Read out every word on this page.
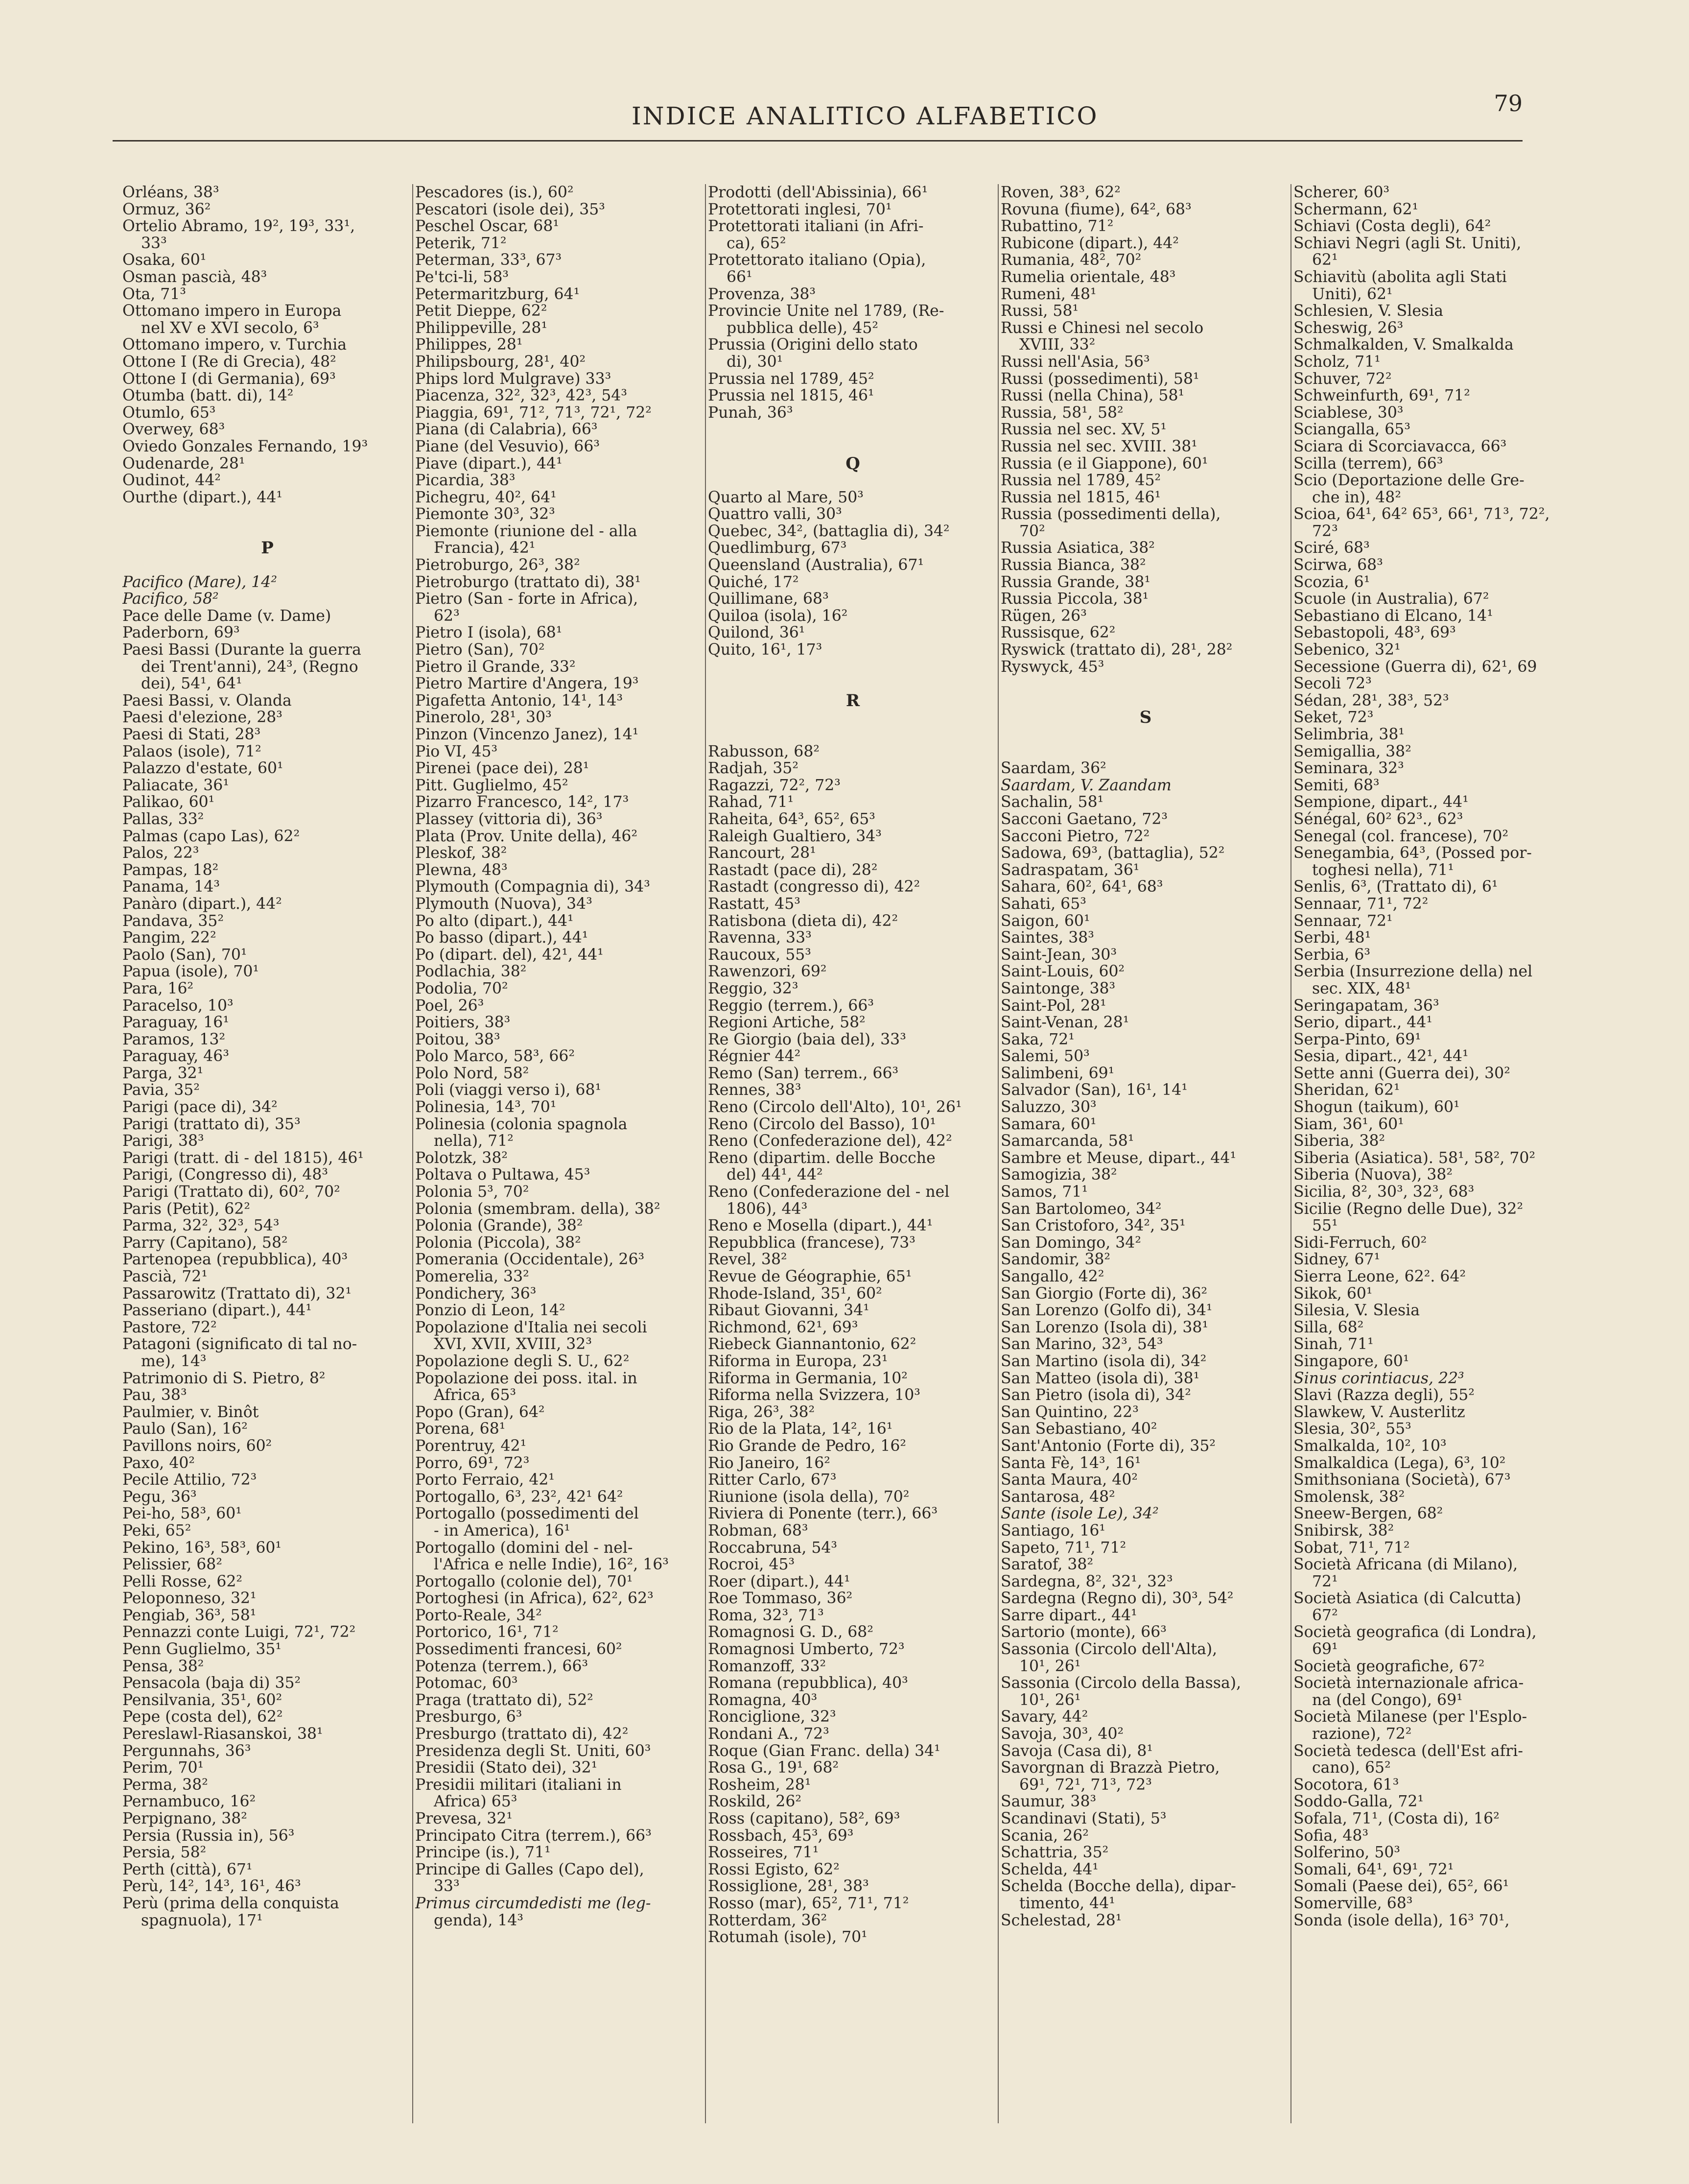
INDICE ANALITICO ALFABETICO	79
Orléans, 38³
Ormuz, 36²
Ortelio Abramo, 19², 19³, 33¹,
33³
Osaka, 60¹
Osman pascià, 48³
Ota, 71³
Ottomano impero in Europa
nel XV e XVI secolo, 6³
Ottomano impero, v. Turchia
Ottone I (Re di Grecia), 48²
Ottone I (di Germania), 69³
Otumba (batt. di), 14²
Otumlo, 65³
Overwey, 68³
Oviedo Gonzales Fernando, 19³
Oudenarde, 28¹
Oudinot, 44²
Ourthe (dipart.), 44¹
P
Pacifico (Mare), 14²
Pacifico, 58²
Pace delle Dame (v. Dame)
Paderborn, 69³
Paesi Bassi (Durante la guerra
dei Trent'anni), 24³, (Regno
dei), 54¹, 64¹
Paesi Bassi, v. Olanda
Paesi d'elezione, 28³
Paesi di Stati, 28³
Palaos (isole), 71²
Palazzo d'estate, 60¹
Paliacate, 36¹
Palikao, 60¹
Pallas, 33²
Palmas (capo Las), 62²
Palos, 22³
Pampas, 18²
Panama, 14³
Panàro (dipart.), 44²
Pandava, 35²
Pangim, 22²
Paolo (San), 70¹
Papua (isole), 70¹
Para, 16²
Paracelso, 10³
Paraguay, 16¹
Paramos, 13²
Paraguay, 46³
Parga, 32¹
Pavia, 35²
Parigi (pace di), 34²
Parigi (trattato di), 35³
Parigi, 38³
Parigi (tratt. di - del 1815), 46¹
Parigi, (Congresso di), 48³
Parigi (Trattato di), 60², 70²
Paris (Petit), 62²
Parma, 32², 32³, 54³
Parry (Capitano), 58²
Partenopea (repubblica), 40³
Pascià, 72¹
Passarowitz (Trattato di), 32¹
Passeriano (dipart.), 44¹
Pastore, 72²
Patagoni (significato di tal no-
me), 14³
Patrimonio di S. Pietro, 8²
Pau, 38³
Paulmier, v. Binôt
Paulo (San), 16²
Pavillons noirs, 60²
Paxo, 40²
Pecile Attilio, 72³
Pegu, 36³
Pei-ho, 58³, 60¹
Peki, 65²
Pekino, 16³, 58³, 60¹
Pelissier, 68²
Pelli Rosse, 62²
Peloponneso, 32¹
Pengiab, 36³, 58¹
Pennazzi conte Luigi, 72¹, 72²
Penn Guglielmo, 35¹
Pensa, 38²
Pensacola (baja di) 35²
Pensilvania, 35¹, 60²
Pepe (costa del), 62²
Pereslawl-Riasanskoi, 38¹
Pergunnahs, 36³
Perim, 70¹
Perma, 38²
Pernambuco, 16²
Perpignano, 38²
Persia (Russia in), 56³
Persia, 58²
Perth (città), 67¹
Perù, 14², 14³, 16¹, 46³
Perù (prima della conquista
spagnuola), 17¹
Pescadores (is.), 60²
Pescatori (isole dei), 35³
Peschel Oscar, 68¹
Peterik, 71²
Peterman, 33³, 67³
Pe'tci-li, 58³
Petermaritzburg, 64¹
Petit Dieppe, 62²
Philippeville, 28¹
Philippes, 28¹
Philipsbourg, 28¹, 40²
Phips lord Mulgrave) 33³
Piacenza, 32², 32³, 42³, 54³
Piaggia, 69¹, 71², 71³, 72¹, 72²
Piana (di Calabria), 66³
Piane (del Vesuvio), 66³
Piave (dipart.), 44¹
Picardia, 38³
Pichegru, 40², 64¹
Piemonte 30³, 32³
Piemonte (riunione del - alla
Francia), 42¹
Pietroburgo, 26³, 38²
Pietroburgo (trattato di), 38¹
Pietro (San - forte in Africa),
62³
Pietro I (isola), 68¹
Pietro (San), 70²
Pietro il Grande, 33²
Pietro Martire d'Angera, 19³
Pigafetta Antonio, 14¹, 14³
Pinerolo, 28¹, 30³
Pinzon (Vincenzo Janez), 14¹
Pio VI, 45³
Pirenei (pace dei), 28¹
Pitt. Guglielmo, 45²
Pizarro Francesco, 14², 17³
Plassey (vittoria di), 36³
Plata (Prov. Unite della), 46²
Pleskof, 38²
Plewna, 48³
Plymouth (Compagnia di), 34³
Plymouth (Nuova), 34³
Po alto (dipart.), 44¹
Po basso (dipart.), 44¹
Po (dipart. del), 42¹, 44¹
Podlachia, 38²
Podolia, 70²
Poel, 26³
Poitiers, 38³
Poitou, 38³
Polo Marco, 58³, 66²
Polo Nord, 58²
Poli (viaggi verso i), 68¹
Polinesia, 14³, 70¹
Polinesia (colonia spagnola
nella), 71²
Polotzk, 38²
Poltava o Pultawa, 45³
Polonia 5³, 70²
Polonia (smembram. della), 38²
Polonia (Grande), 38²
Polonia (Piccola), 38²
Pomerania (Occidentale), 26³
Pomerelia, 33²
Pondichery, 36³
Ponzio di Leon, 14²
Popolazione d'Italia nei secoli
XVI, XVII, XVIII, 32³
Popolazione degli S. U., 62²
Popolazione dei poss. ital. in
Africa, 65³
Popo (Gran), 64²
Porena, 68¹
Porentruy, 42¹
Porro, 69¹, 72³
Porto Ferraio, 42¹
Portogallo, 6³, 23², 42¹ 64²
Portogallo (possedimenti del
- in America), 16¹
Portogallo (domini del - nel-
l'Africa e nelle Indie), 16², 16³
Portogallo (colonie del), 70¹
Portoghesi (in Africa), 62², 62³
Porto-Reale, 34²
Portorico, 16¹, 71²
Possedimenti francesi, 60²
Potenza (terrem.), 66³
Potomac, 60³
Praga (trattato di), 52²
Presburgo, 6³
Presburgo (trattato di), 42²
Presidenza degli St. Uniti, 60³
Presidii (Stato dei), 32¹
Presidii militari (italiani in
Africa) 65³
Prevesa, 32¹
Principato Citra (terrem.), 66³
Principe (is.), 71¹
Principe di Galles (Capo del),
33³
Primus circumdedisti me (leg-
genda), 14³
Prodotti (dell'Abissinia), 66¹
Protettorati inglesi, 70¹
Protettorati italiani (in Afri-
ca), 65²
Protettorato italiano (Opia),
66¹
Provenza, 38³
Provincie Unite nel 1789, (Re-
pubblica delle), 45²
Prussia (Origini dello stato
di), 30¹
Prussia nel 1789, 45²
Prussia nel 1815, 46¹
Punah, 36³
Q
Quarto al Mare, 50³
Quattro valli, 30³
Quebec, 34², (battaglia di), 34²
Quedlimburg, 67³
Queensland (Australia), 67¹
Quiché, 17²
Quillimane, 68³
Quiloa (isola), 16²
Quilond, 36¹
Quito, 16¹, 17³
R
Rabusson, 68²
Radjah, 35²
Ragazzi, 72², 72³
Rahad, 71¹
Raheita, 64³, 65², 65³
Raleigh Gualtiero, 34³
Rancourt, 28¹
Rastadt (pace di), 28²
Rastadt (congresso di), 42²
Rastatt, 45³
Ratisbona (dieta di), 42²
Ravenna, 33³
Raucoux, 55³
Rawenzori, 69²
Reggio, 32³
Reggio (terrem.), 66³
Regioni Artiche, 58²
Re Giorgio (baia del), 33³
Régnier 44²
Remo (San) terrem., 66³
Rennes, 38³
Reno (Circolo dell'Alto), 10¹, 26¹
Reno (Circolo del Basso), 10¹
Reno (Confederazione del), 42²
Reno (dipartim. delle Bocche
del) 44¹, 44²
Reno (Confederazione del - nel
1806), 44³
Reno e Mosella (dipart.), 44¹
Repubblica (francese), 73³
Revel, 38²
Revue de Géographie, 65¹
Rhode-Island, 35¹, 60²
Ribaut Giovanni, 34¹
Richmond, 62¹, 69³
Riebeck Giannantonio, 62²
Riforma in Europa, 23¹
Riforma in Germania, 10²
Riforma nella Svizzera, 10³
Riga, 26³, 38²
Rio de la Plata, 14², 16¹
Rio Grande de Pedro, 16²
Rio Janeiro, 16²
Ritter Carlo, 67³
Riunione (isola della), 70²
Riviera di Ponente (terr.), 66³
Robman, 68³
Roccabruna, 54³
Rocroi, 45³
Roer (dipart.), 44¹
Roe Tommaso, 36²
Roma, 32³, 71³
Romagnosi G. D., 68²
Romagnosi Umberto, 72³
Romanzoff, 33²
Romana (repubblica), 40³
Romagna, 40³
Ronciglione, 32³
Rondani A., 72³
Roque (Gian Franc. della) 34¹
Rosa G., 19¹, 68²
Rosheim, 28¹
Roskild, 26²
Ross (capitano), 58², 69³
Rossbach, 45³, 69³
Rosseires, 71¹
Rossi Egisto, 62²
Rossiglione, 28¹, 38³
Rosso (mar), 65², 71¹, 71²
Rotterdam, 36²
Rotumah (isole), 70¹
Roven, 38³, 62²
Rovuna (fiume), 64², 68³
Rubattino, 71²
Rubicone (dipart.), 44²
Rumania, 48², 70²
Rumelia orientale, 48³
Rumeni, 48¹
Russi, 58¹
Russi e Chinesi nel secolo
XVIII, 33²
Russi nell'Asia, 56³
Russi (possedimenti), 58¹
Russi (nella China), 58¹
Russia, 58¹, 58²
Russia nel sec. XV, 5¹
Russia nel sec. XVIII. 38¹
Russia (e il Giappone), 60¹
Russia nel 1789, 45²
Russia nel 1815, 46¹
Russia (possedimenti della),
70²
Russia Asiatica, 38²
Russia Bianca, 38²
Russia Grande, 38¹
Russia Piccola, 38¹
Rügen, 26³
Russisque, 62²
Ryswick (trattato di), 28¹, 28²
Ryswyck, 45³
S
Saardam, 36²
Saardam, V. Zaandam
Sachalin, 58¹
Sacconi Gaetano, 72³
Sacconi Pietro, 72²
Sadowa, 69³, (battaglia), 52²
Sadraspatam, 36¹
Sahara, 60², 64¹, 68³
Sahati, 65³
Saigon, 60¹
Saintes, 38³
Saint-Jean, 30³
Saint-Louis, 60²
Saintonge, 38³
Saint-Pol, 28¹
Saint-Venan, 28¹
Saka, 72¹
Salemi, 50³
Salimbeni, 69¹
Salvador (San), 16¹, 14¹
Saluzzo, 30³
Samara, 60¹
Samarcanda, 58¹
Sambre et Meuse, dipart., 44¹
Samogizia, 38²
Samos, 71¹
San Bartolomeo, 34²
San Cristoforo, 34², 35¹
San Domingo, 34²
Sandomir, 38²
Sangallo, 42²
San Giorgio (Forte di), 36²
San Lorenzo (Golfo di), 34¹
San Lorenzo (Isola di), 38¹
San Marino, 32³, 54³
San Martino (isola di), 34²
San Matteo (isola di), 38¹
San Pietro (isola di), 34²
San Quintino, 22³
San Sebastiano, 40²
Sant'Antonio (Forte di), 35²
Santa Fè, 14³, 16¹
Santa Maura, 40²
Santarosa, 48²
Sante (isole Le), 34²
Santiago, 16¹
Sapeto, 71¹, 71²
Saratof, 38²
Sardegna, 8², 32¹, 32³
Sardegna (Regno di), 30³, 54²
Sarre dipart., 44¹
Sartorio (monte), 66³
Sassonia (Circolo dell'Alta),
10¹, 26¹
Sassonia (Circolo della Bassa),
10¹, 26¹
Savary, 44²
Savoja, 30³, 40²
Savoja (Casa di), 8¹
Savorgnan di Brazzà Pietro,
69¹, 72¹, 71³, 72³
Saumur, 38³
Scandinavi (Stati), 5³
Scania, 26²
Schattria, 35²
Schelda, 44¹
Schelda (Bocche della), dipar-
timento, 44¹
Schelestad, 28¹
Scherer, 60³
Schermann, 62¹
Schiavi (Costa degli), 64²
Schiavi Negri (agli St. Uniti),
62¹
Schiavitù (abolita agli Stati
Uniti), 62¹
Schlesien, V. Slesia
Scheswig, 26³
Schmalkalden, V. Smalkalda
Scholz, 71¹
Schuver, 72²
Schweinfurth, 69¹, 71²
Sciablese, 30³
Sciangalla, 65³
Sciara di Scorciavacca, 66³
Scilla (terrem), 66³
Scio (Deportazione delle Gre-
che in), 48²
Scioa, 64¹, 64² 65³, 66¹, 71³, 72²,
72³
Sciré, 68³
Scirwa, 68³
Scozia, 6¹
Scuole (in Australia), 67²
Sebastiano di Elcano, 14¹
Sebastopoli, 48³, 69³
Sebenico, 32¹
Secessione (Guerra di), 62¹, 69
Secoli 72³
Sédan, 28¹, 38³, 52³
Seket, 72³
Selimbria, 38¹
Semigallia, 38²
Seminara, 32³
Semiti, 68³
Sempione, dipart., 44¹
Sénégal, 60² 62³., 62³
Senegal (col. francese), 70²
Senegambia, 64³, (Possed por-
toghesi nella), 71¹
Senlis, 6³, (Trattato di), 6¹
Sennaar, 71¹, 72²
Sennaar, 72¹
Serbi, 48¹
Serbia, 6³
Serbia (Insurrezione della) nel
sec. XIX, 48¹
Seringapatam, 36³
Serio, dipart., 44¹
Serpa-Pinto, 69¹
Sesia, dipart., 42¹, 44¹
Sette anni (Guerra dei), 30²
Sheridan, 62¹
Shogun (taikum), 60¹
Siam, 36¹, 60¹
Siberia, 38²
Siberia (Asiatica). 58¹, 58², 70²
Siberia (Nuova), 38²
Sicilia, 8², 30³, 32³, 68³
Sicilie (Regno delle Due), 32²
55¹
Sidi-Ferruch, 60²
Sidney, 67¹
Sierra Leone, 62². 64²
Sikok, 60¹
Silesia, V. Slesia
Silla, 68²
Sinah, 71¹
Singapore, 60¹
Sinus corintiacus, 22³
Slavi (Razza degli), 55²
Slawkew, V. Austerlitz
Slesia, 30², 55³
Smalkalda, 10², 10³
Smalkaldica (Lega), 6³, 10²
Smithsoniana (Società), 67³
Smolensk, 38²
Sneew-Bergen, 68²
Snibirsk, 38²
Sobat, 71¹, 71²
Società Africana (di Milano),
72¹
Società Asiatica (di Calcutta)
67²
Società geografica (di Londra),
69¹
Società geografiche, 67²
Società internazionale africa-
na (del Congo), 69¹
Società Milanese (per l'Esplo-
razione), 72²
Società tedesca (dell'Est afri-
cano), 65²
Socotora, 61³
Soddo-Galla, 72¹
Sofala, 71¹, (Costa di), 16²
Sofia, 48³
Solferino, 50³
Somali, 64¹, 69¹, 72¹
Somali (Paese dei), 65², 66¹
Somerville, 68³
Sonda (isole della), 16³ 70¹,
